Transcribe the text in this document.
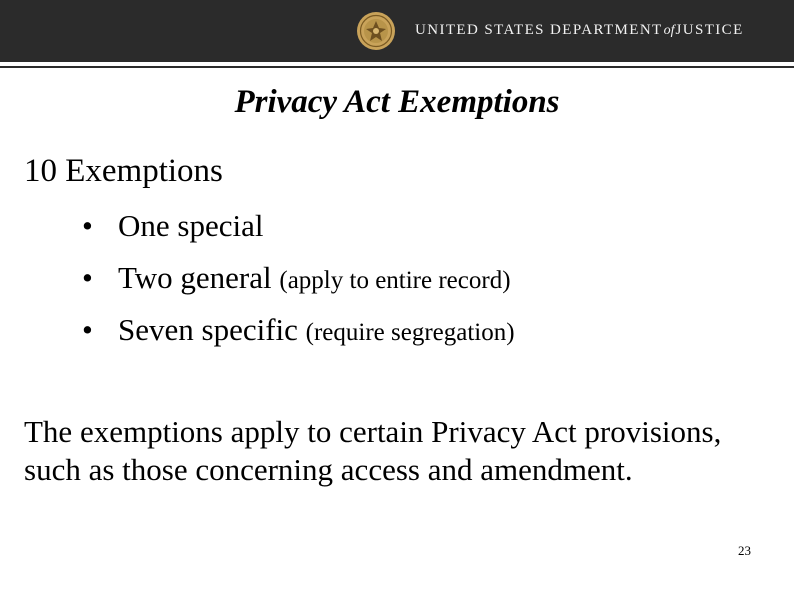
UNITED STATES DEPARTMENTofJUSTICE
Privacy Act Exemptions
10 Exemptions
• One special
• Two general (apply to entire record)
• Seven specific (require segregation)
The exemptions apply to certain Privacy Act provisions, such as those concerning access and amendment.
23
